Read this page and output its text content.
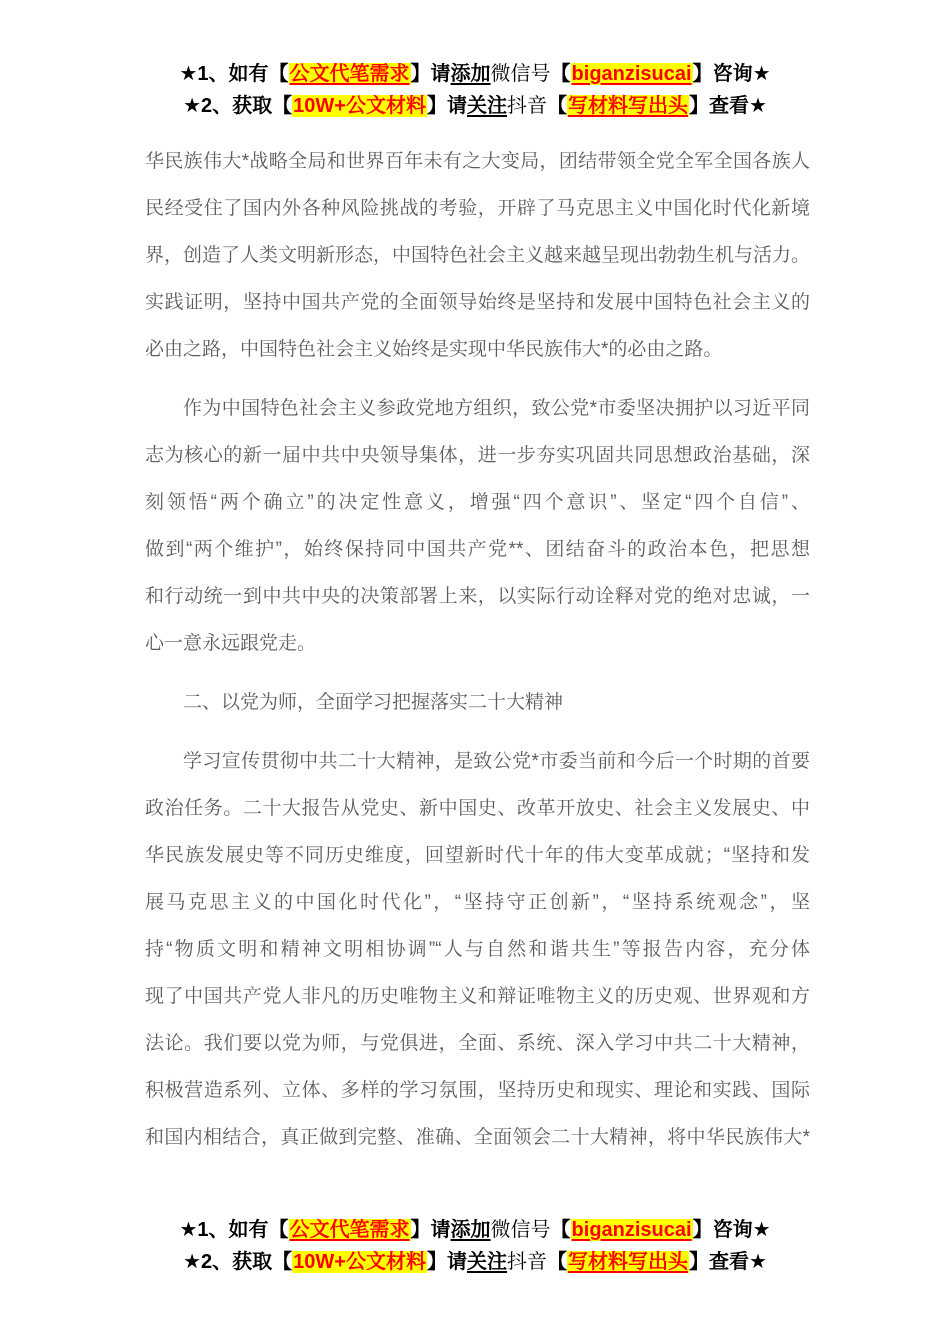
★1、如有【公文代笔需求】请添加微信号【biganzisucai】咨询★
★2、获取【10W+公文材料】请关注抖音【写材料写出头】查看★
华民族伟大*战略全局和世界百年未有之大变局，团结带领全党全军全国各族人
民经受住了国内外各种风险挑战的考验，开辟了马克思主义中国化时代化新境
界，创造了人类文明新形态，中国特色社会主义越来越呈现出勃勃生机与活力。
实践证明，坚持中国共产党的全面领导始终是坚持和发展中国特色社会主义的
必由之路，中国特色社会主义始终是实现中华民族伟大*的必由之路。
作为中国特色社会主义参政党地方组织，致公党*市委坚决拥护以习近平同
志为核心的新一届中共中央领导集体，进一步夯实巩固共同思想政治基础，深
刻领悟“两个确立”的决定性意义，增强“四个意识”、坚定“四个自信”、
做到“两个维护”，始终保持同中国共产党**、团结奋斗的政治本色，把思想
和行动统一到中共中央的决策部署上来，以实际行动诠释对党的绝对忠诚，一
心一意永远跟党走。
二、以党为师，全面学习把握落实二十大精神
学习宣传贯彻中共二十大精神，是致公党*市委当前和今后一个时期的首要
政治任务。二十大报告从党史、新中国史、改革开放史、社会主义发展史、中
华民族发展史等不同历史维度，回望新时代十年的伟大变革成就；“坚持和发
展马克思主义的中国化时代化”，“坚持守正创新”，“坚持系统观念”，坚
持“物质文明和精神文明相协调”“人与自然和谐共生”等报告内容，充分体
现了中国共产党人非凡的历史唯物主义和辩证唯物主义的历史观、世界观和方
法论。我们要以党为师，与党俱进，全面、系统、深入学习中共二十大精神，
积极营造系列、立体、多样的学习氛围，坚持历史和现实、理论和实践、国际
和国内相结合，真正做到完整、准确、全面领会二十大精神，将中华民族伟大*
★1、如有【公文代笔需求】请添加微信号【biganzisucai】咨询★
★2、获取【10W+公文材料】请关注抖音【写材料写出头】查看★
